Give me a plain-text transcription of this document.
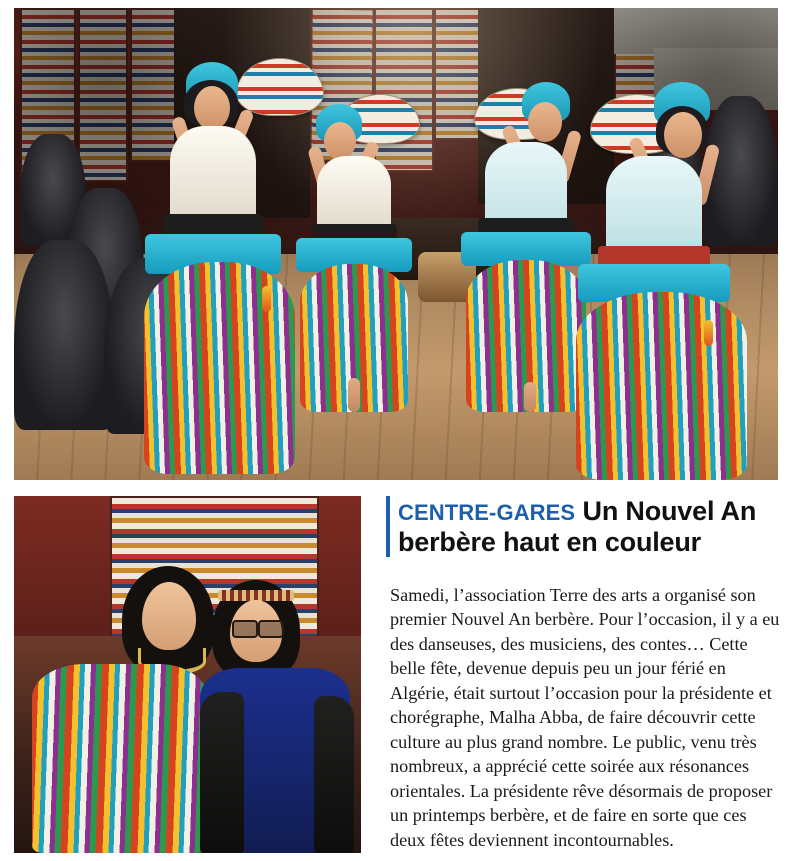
CENTRE-GARES Un Nouvel An berbère haut en couleur

Samedi, l’association Terre des arts a organisé son premier Nouvel An berbère. Pour l’occasion, il y a eu des danseuses, des musiciens, des contes… Cette belle fête, devenue depuis peu un jour férié en Algérie, était surtout l’occasion pour la présidente et chorégraphe, Malha Abba, de faire découvrir cette culture au plus grand nombre. Le public, venu très nombreux, a apprécié cette soirée aux résonances orientales. La présidente rêve désormais de proposer un printemps berbère, et de faire en sorte que ces deux fêtes deviennent incontournables.
